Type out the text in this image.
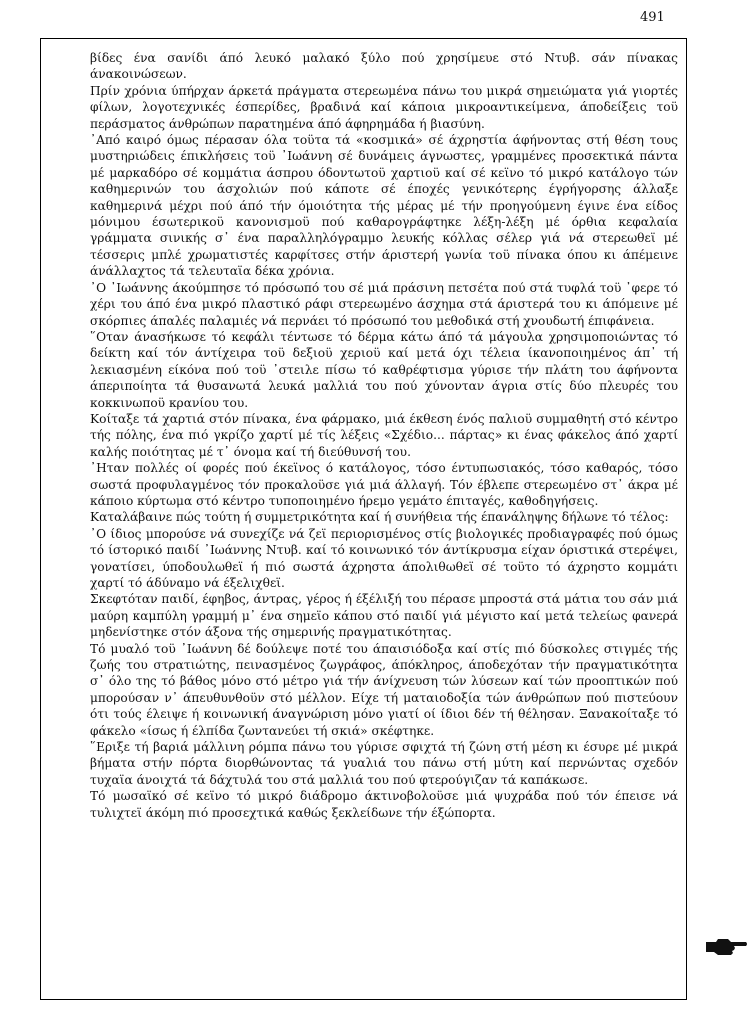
491

βίδες ένα σανίδι άπό λευκό μαλακό ξύλο πού χρησίμευε στό Ντυβ. σάν πίνακας άνακοινώσεων.

Πρίν χρόνια ύπήρχαν άρκετά πράγματα στερεωμένα πάνω του μικρά σημειώματα γιά γιορτές φίλων, λογοτεχνικές έσπερίδες, βραδινά καί κάποια μικροαντικείμενα, άποδείξεις τοϋ περάσματος άνθρώπων παρατημένα άπό άφηρημάδα ή βιασύνη.

᾿Από καιρό όμως πέρασαν όλα τοϋτα τά «κοσμικά» σέ άχρηστία άφήνοντας στή θέση τους μυστηριώδεις έπικλήσεις τοϋ ᾿Ιωάννη σέ δυνάμεις άγνωστες, γραμμένες προσεκτικά πάντα μέ μαρκαδόρο σέ κομμάτια άσπρου όδοντωτοϋ χαρτιοϋ καί σέ κεϊνο τό μικρό κατάλογο τών καθημερινών του άσχολιών πού κάποτε σέ έποχές γενικότερης έγρήγορσης άλλαξε καθημερινά μέχρι πού άπό τήν όμοιότητα τής μέρας μέ τήν προηγούμενη έγινε ένα είδος μόνιμου έσωτερικοϋ κανονισμοϋ πού καθαρογράφτηκε λέξη-λέξη μέ όρθια κεφαλαία γράμματα σινικής σ᾿ ένα παραλληλόγραμμο λευκής κόλλας σέλερ γιά νά στερεωθεϊ μέ τέσσερις μπλέ χρωματιστές καρφίτσες στήν άριστερή γωνία τοϋ πίνακα όπου κι άπέμεινε άνάλλαχτος τά τελευταϊα δέκα χρόνια.

᾿Ο ᾿Ιωάννης άκούμπησε τό πρόσωπό του σέ μιά πράσινη πετσέτα πού στά τυφλά τοϋ ᾿φερε τό χέρι του άπό ένα μικρό πλαστικό ράφι στερεωμένο άσχημα στά άριστερά του κι άπόμεινε μέ σκόρπιες άπαλές παλαμιές νά περνάει τό πρόσωπό του μεθοδικά στή χνουδωτή έπιφάνεια.

῞Οταν άνασήκωσε τό κεφάλι τέντωσε τό δέρμα κάτω άπό τά μάγουλα χρησιμοποιώντας τό δείκτη καί τόν άντίχειρα τοϋ δεξιοϋ χεριοϋ καί μετά όχι τέλεια ίκανοποιημένος άπ᾿ τή λεκιασμένη είκόνα πού τοϋ ᾿στειλε πίσω τό καθρέφτισμα γύρισε τήν πλάτη του άφήνοντα άπεριποίητα τά θυσανωτά λευκά μαλλιά του πού χύνονταν άγρια στίς δύο πλευρές του κοκκινωποϋ κρανίου του.

Κοίταξε τά χαρτιά στόν πίνακα, ένα φάρμακο, μιά έκθεση ένός παλιοϋ συμμαθητή στό κέντρο τής πόλης, ένα πιό γκρίζο χαρτί μέ τίς λέξεις «Σχέδιο... πάρτας» κι ένας φάκελος άπό χαρτί καλής ποιότητας μέ τ᾿ όνομα καί τή διεύθυνσή του.

᾿Ηταν πολλές οί φορές πού έκεϊνος ό κατάλογος, τόσο έντυπωσιακός, τόσο καθαρός, τόσο σωστά προφυλαγμένος τόν προκαλοϋσε γιά μιά άλλαγή. Τόν έβλεπε στερεωμένο στ᾿ άκρα μέ κάποιο κύρτωμα στό κέντρο τυποποιημένο ήρεμο γεμάτο έπιταγές, καθοδηγήσεις.

Καταλάβαινε πώς τούτη ή συμμετρικότητα καί ή συνήθεια τής έπανάληψης δήλωνε τό τέλος:

᾿Ο ίδιος μπορούσε νά συνεχίζε νά ζεϊ περιορισμένος στίς βιολογικές προδιαγραφές πού όμως τό ίστορικό παιδί ᾿Ιωάννης Ντυβ. καί τό κοινωνικό τόν άντίκρυσμα είχαν όριστικά στερέψει, γονατίσει, ύποδουλωθεϊ ή πιό σωστά άχρηστα άπολιθωθεϊ σέ τοϋτο τό άχρηστο κομμάτι χαρτί τό άδύναμο νά έξελιχθεϊ.

Σκεφτόταν παιδί, έφηβος, άντρας, γέρος ή έξέλιξή του πέρασε μπροστά στά μάτια του σάν μιά μαύρη καμπύλη γραμμή μ᾿ ένα σημεϊο κάπου στό παιδί γιά μέγιστο καί μετά τελείως φανερά μηδενίστηκε στόν άξονα τής σημερινής πραγματικότητας.

Τό μυαλό τοϋ ᾿Ιωάννη δέ δούλεψε ποτέ του άπαισιόδοξα καί στίς πιό δύσκολες στιγμές τής ζωής του στρατιώτης, πεινασμένος ζωγράφος, άπόκληρος, άποδεχόταν τήν πραγματικότητα σ᾿ όλο της τό βάθος μόνο στό μέτρο γιά τήν άνίχνευση τών λύσεων καί τών προοπτικών πού μπορούσαν ν᾿ άπευθυνθοϋν στό μέλλον. Είχε τή ματαιοδοξία τών άνθρώπων πού πιστεύουν ότι τούς έλειψε ή κοινωνική άναγνώριση μόνο γιατί οί ίδιοι δέν τή θέλησαν. Ξανακοίταξε τό φάκελο «ίσως ή έλπίδα ζωντανεύει τή σκιά» σκέφτηκε.

῞Εριξε τή βαριά μάλλινη ρόμπα πάνω του γύρισε σφιχτά τή ζώνη στή μέση κι έσυρε μέ μικρά βήματα στήν πόρτα διορθώνοντας τά γυαλιά του πάνω στή μύτη καί περνώντας σχεδόν τυχαϊα άνοιχτά τά δάχτυλά του στά μαλλιά του πού φτερούγιζαν τά καπάκωσε.

Τό μωσαϊκό σέ κεϊνο τό μικρό διάδρομο άκτινοβολοϋσε μιά ψυχράδα πού τόν έπεισε νά τυλιχτεϊ άκόμη πιό προσεχτικά καθώς ξεκλείδωνε τήν έξώπορτα.
